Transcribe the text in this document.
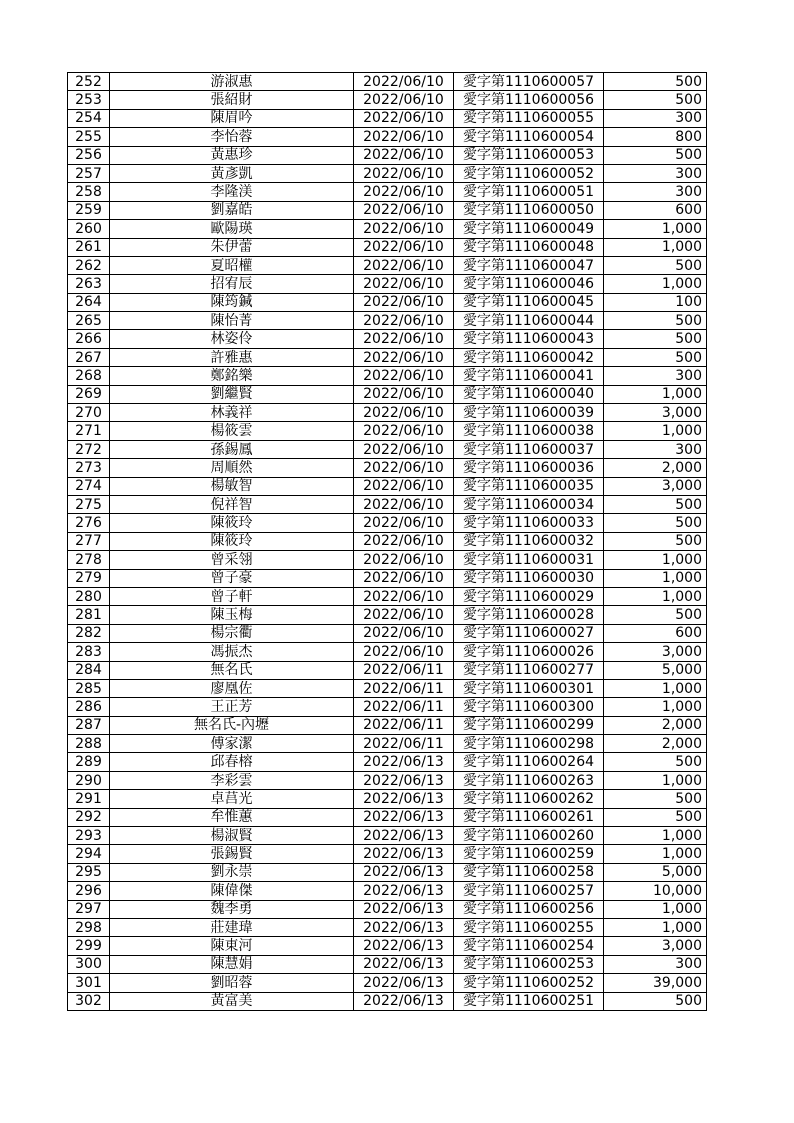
252	游淑惠	2022/06/10	愛字第1110600057	500
253	張紹財	2022/06/10	愛字第1110600056	500
254	陳眉吟	2022/06/10	愛字第1110600055	300
255	李怡蓉	2022/06/10	愛字第1110600054	800
256	黃惠珍	2022/06/10	愛字第1110600053	500
257	黃彥凱	2022/06/10	愛字第1110600052	300
258	李隆渼	2022/06/10	愛字第1110600051	300
259	劉嘉皓	2022/06/10	愛字第1110600050	600
260	歐陽瑛	2022/06/10	愛字第1110600049	1,000
261	朱伊蕾	2022/06/10	愛字第1110600048	1,000
262	夏昭權	2022/06/10	愛字第1110600047	500
263	招宥辰	2022/06/10	愛字第1110600046	1,000
264	陳筠鍼	2022/06/10	愛字第1110600045	100
265	陳怡菁	2022/06/10	愛字第1110600044	500
266	林姿伶	2022/06/10	愛字第1110600043	500
267	許雅惠	2022/06/10	愛字第1110600042	500
268	鄭銘樂	2022/06/10	愛字第1110600041	300
269	劉繼賢	2022/06/10	愛字第1110600040	1,000
270	林義祥	2022/06/10	愛字第1110600039	3,000
271	楊筱雲	2022/06/10	愛字第1110600038	1,000
272	孫錫鳳	2022/06/10	愛字第1110600037	300
273	周順然	2022/06/10	愛字第1110600036	2,000
274	楊敏智	2022/06/10	愛字第1110600035	3,000
275	倪祥智	2022/06/10	愛字第1110600034	500
276	陳筱玲	2022/06/10	愛字第1110600033	500
277	陳筱玲	2022/06/10	愛字第1110600032	500
278	曾采翎	2022/06/10	愛字第1110600031	1,000
279	曾子豪	2022/06/10	愛字第1110600030	1,000
280	曾子軒	2022/06/10	愛字第1110600029	1,000
281	陳玉梅	2022/06/10	愛字第1110600028	500
282	楊宗衢	2022/06/10	愛字第1110600027	600
283	馮振杰	2022/06/10	愛字第1110600026	3,000
284	無名氏	2022/06/11	愛字第1110600277	5,000
285	廖凰佐	2022/06/11	愛字第1110600301	1,000
286	王正芳	2022/06/11	愛字第1110600300	1,000
287	無名氏-內壢	2022/06/11	愛字第1110600299	2,000
288	傅家潔	2022/06/11	愛字第1110600298	2,000
289	邱春榕	2022/06/13	愛字第1110600264	500
290	李彩雲	2022/06/13	愛字第1110600263	1,000
291	卓莒光	2022/06/13	愛字第1110600262	500
292	牟惟蕙	2022/06/13	愛字第1110600261	500
293	楊淑賢	2022/06/13	愛字第1110600260	1,000
294	張錫賢	2022/06/13	愛字第1110600259	1,000
295	劉永崇	2022/06/13	愛字第1110600258	5,000
296	陳偉傑	2022/06/13	愛字第1110600257	10,000
297	魏李勇	2022/06/13	愛字第1110600256	1,000
298	莊建瑋	2022/06/13	愛字第1110600255	1,000
299	陳東河	2022/06/13	愛字第1110600254	3,000
300	陳慧娟	2022/06/13	愛字第1110600253	300
301	劉昭蓉	2022/06/13	愛字第1110600252	39,000
302	黃富美	2022/06/13	愛字第1110600251	500
